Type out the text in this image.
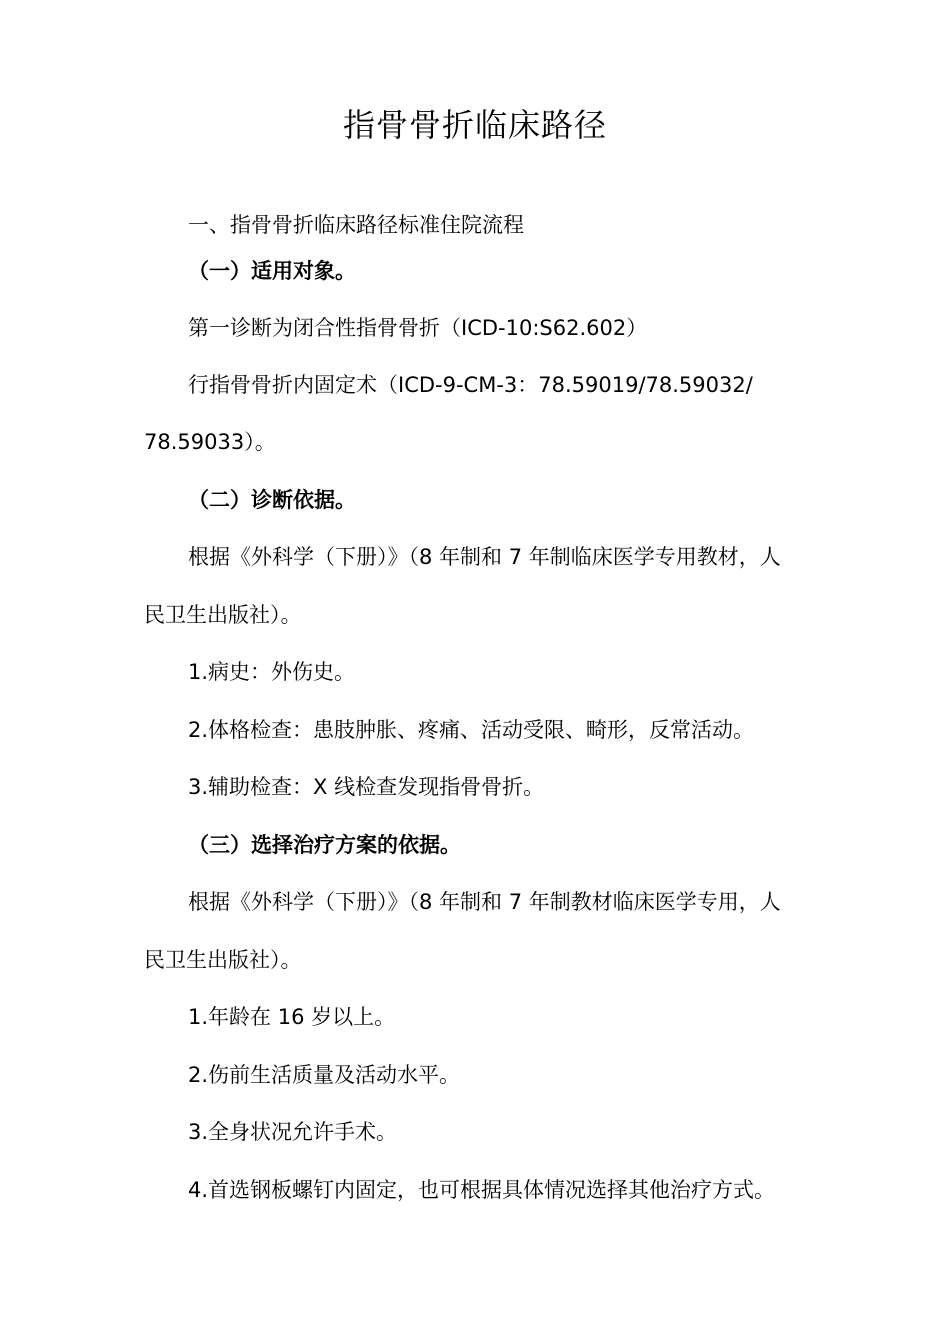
指骨骨折临床路径
一、指骨骨折临床路径标准住院流程
（一）适用对象。
第一诊断为闭合性指骨骨折（ICD-10:S62.602）
行指骨骨折内固定术（ICD-9-CM-3：78.59019/78.59032/
78.59033）。
（二）诊断依据。
根据《外科学（下册）》（8 年制和 7 年制临床医学专用教材，人
民卫生出版社）。
1.病史：外伤史。
2.体格检查：患肢肿胀、疼痛、活动受限、畸形，反常活动。
3.辅助检查：X 线检查发现指骨骨折。
（三）选择治疗方案的依据。
根据《外科学（下册）》（8 年制和 7 年制教材临床医学专用，人
民卫生出版社）。
1.年龄在 16 岁以上。
2.伤前生活质量及活动水平。
3.全身状况允许手术。
4.首选钢板螺钉内固定，也可根据具体情况选择其他治疗方式。
